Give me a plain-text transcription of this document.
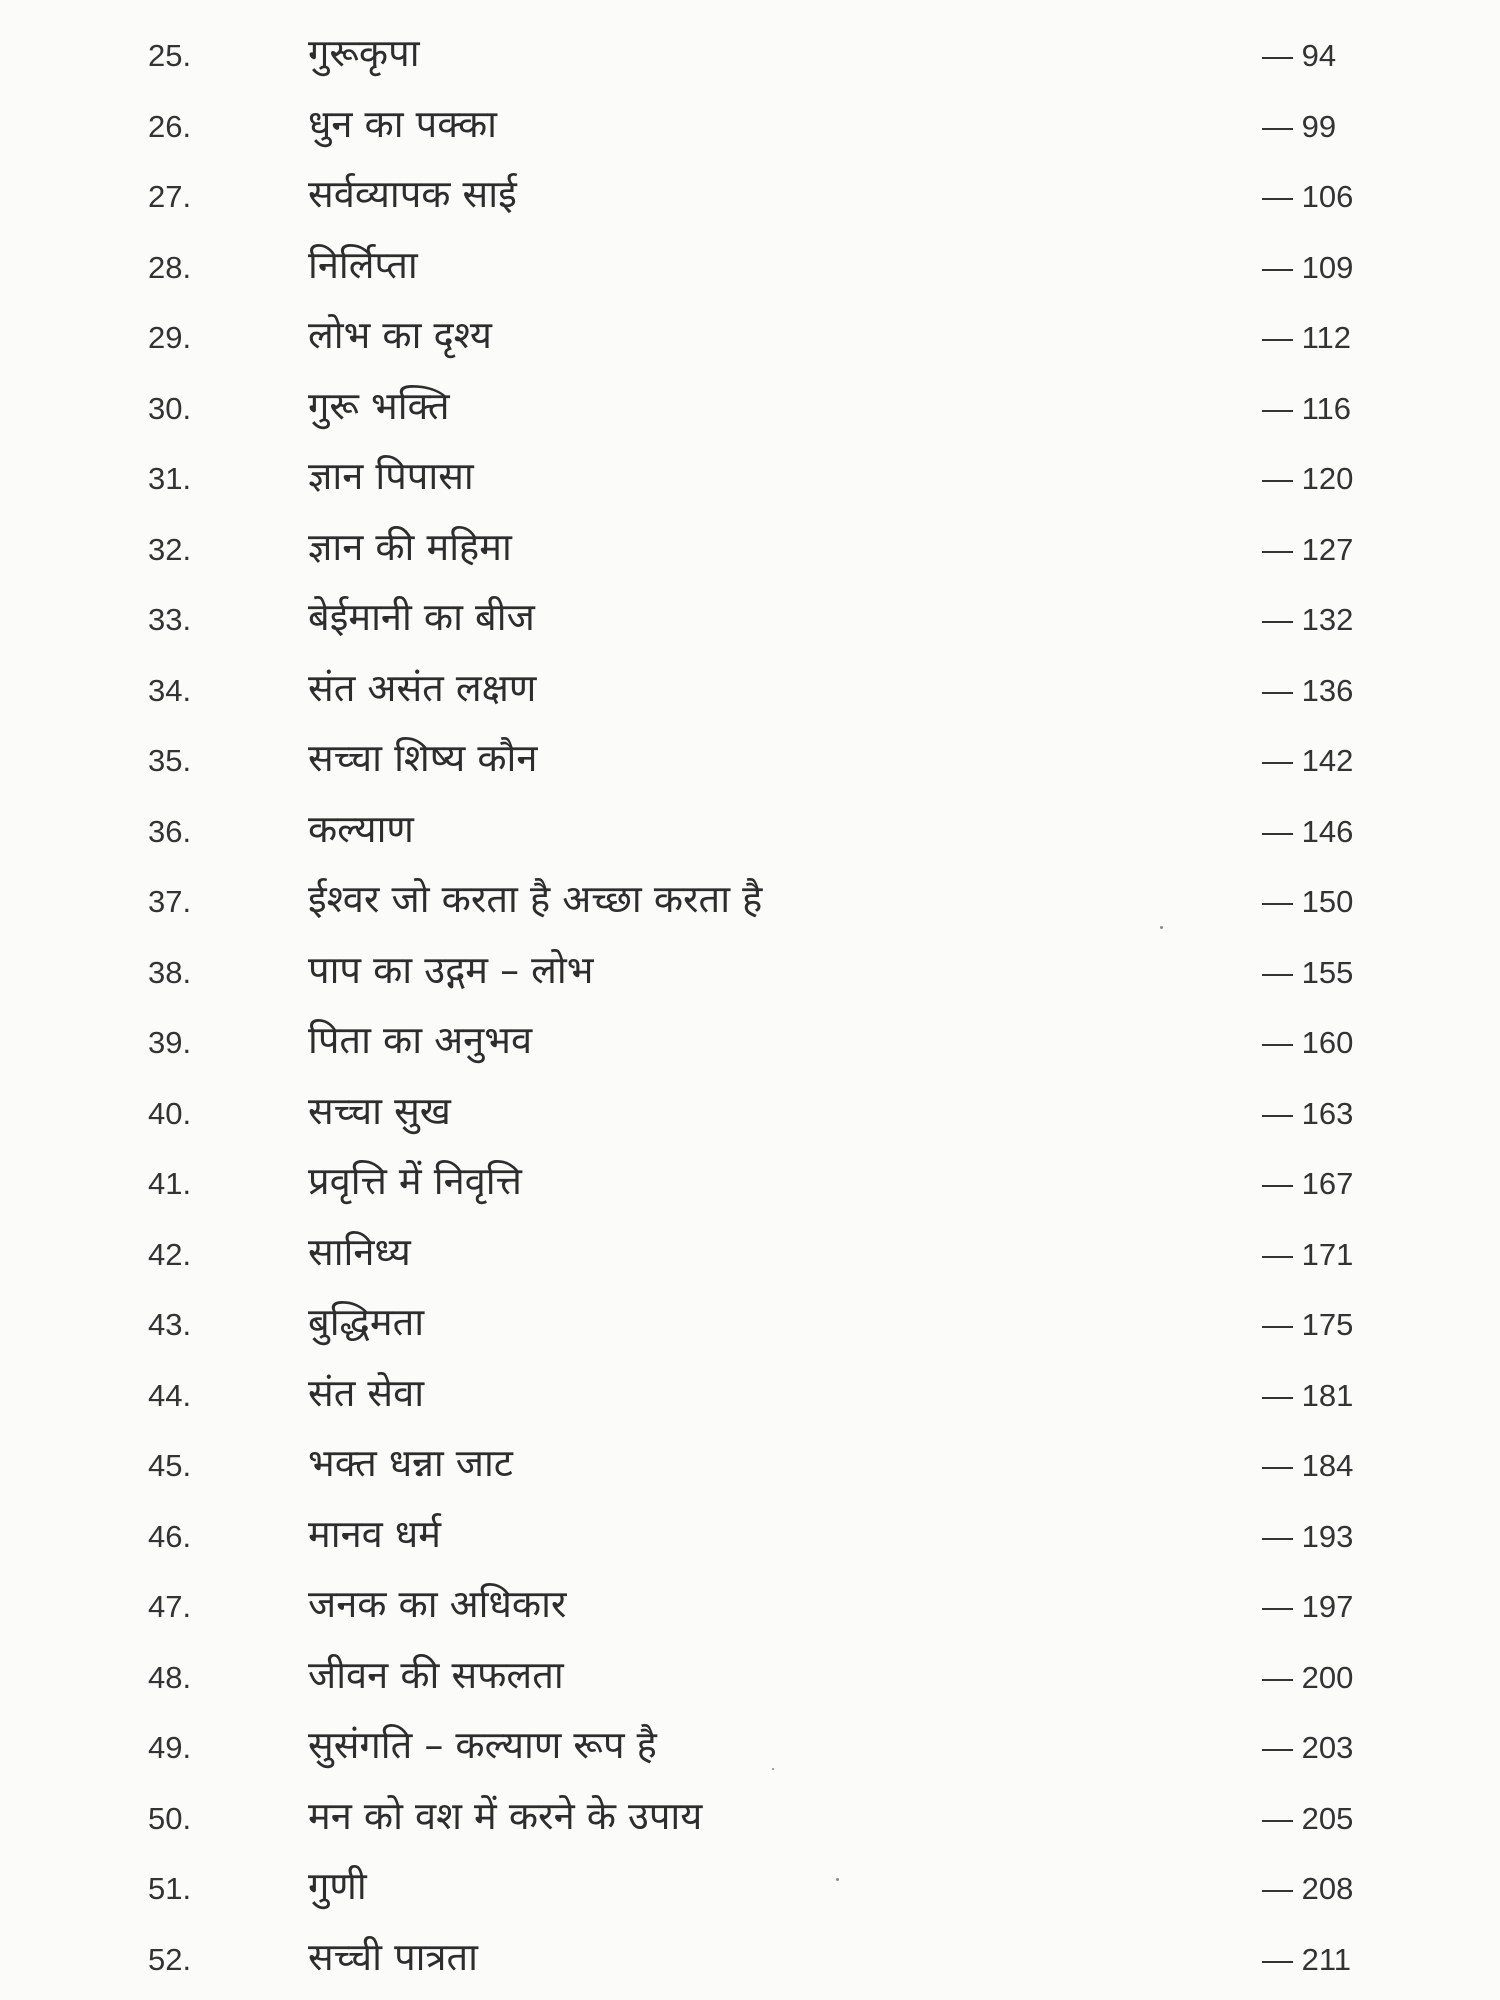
25.	गुरूकृपा	— 94
26.	धुन का पक्का	— 99
27.	सर्वव्यापक साई	— 106
28.	निर्लिप्ता	— 109
29.	लोभ का दृश्य	— 112
30.	गुरू भक्ति	— 116
31.	ज्ञान पिपासा	— 120
32.	ज्ञान की महिमा	— 127
33.	बेईमानी का बीज	— 132
34.	संत असंत लक्षण	— 136
35.	सच्चा शिष्य कौन	— 142
36.	कल्याण	— 146
37.	ईश्वर जो करता है अच्छा करता है	— 150
38.	पाप का उद्गम – लोभ	— 155
39.	पिता का अनुभव	— 160
40.	सच्चा सुख	— 163
41.	प्रवृत्ति में निवृत्ति	— 167
42.	सानिध्य	— 171
43.	बुद्धिमता	— 175
44.	संत सेवा	— 181
45.	भक्त धन्ना जाट	— 184
46.	मानव धर्म	— 193
47.	जनक का अधिकार	— 197
48.	जीवन की सफलता	— 200
49.	सुसंगति – कल्याण रूप है	— 203
50.	मन को वश में करने के उपाय	— 205
51.	गुणी	— 208
52.	सच्ची पात्रता	— 211
